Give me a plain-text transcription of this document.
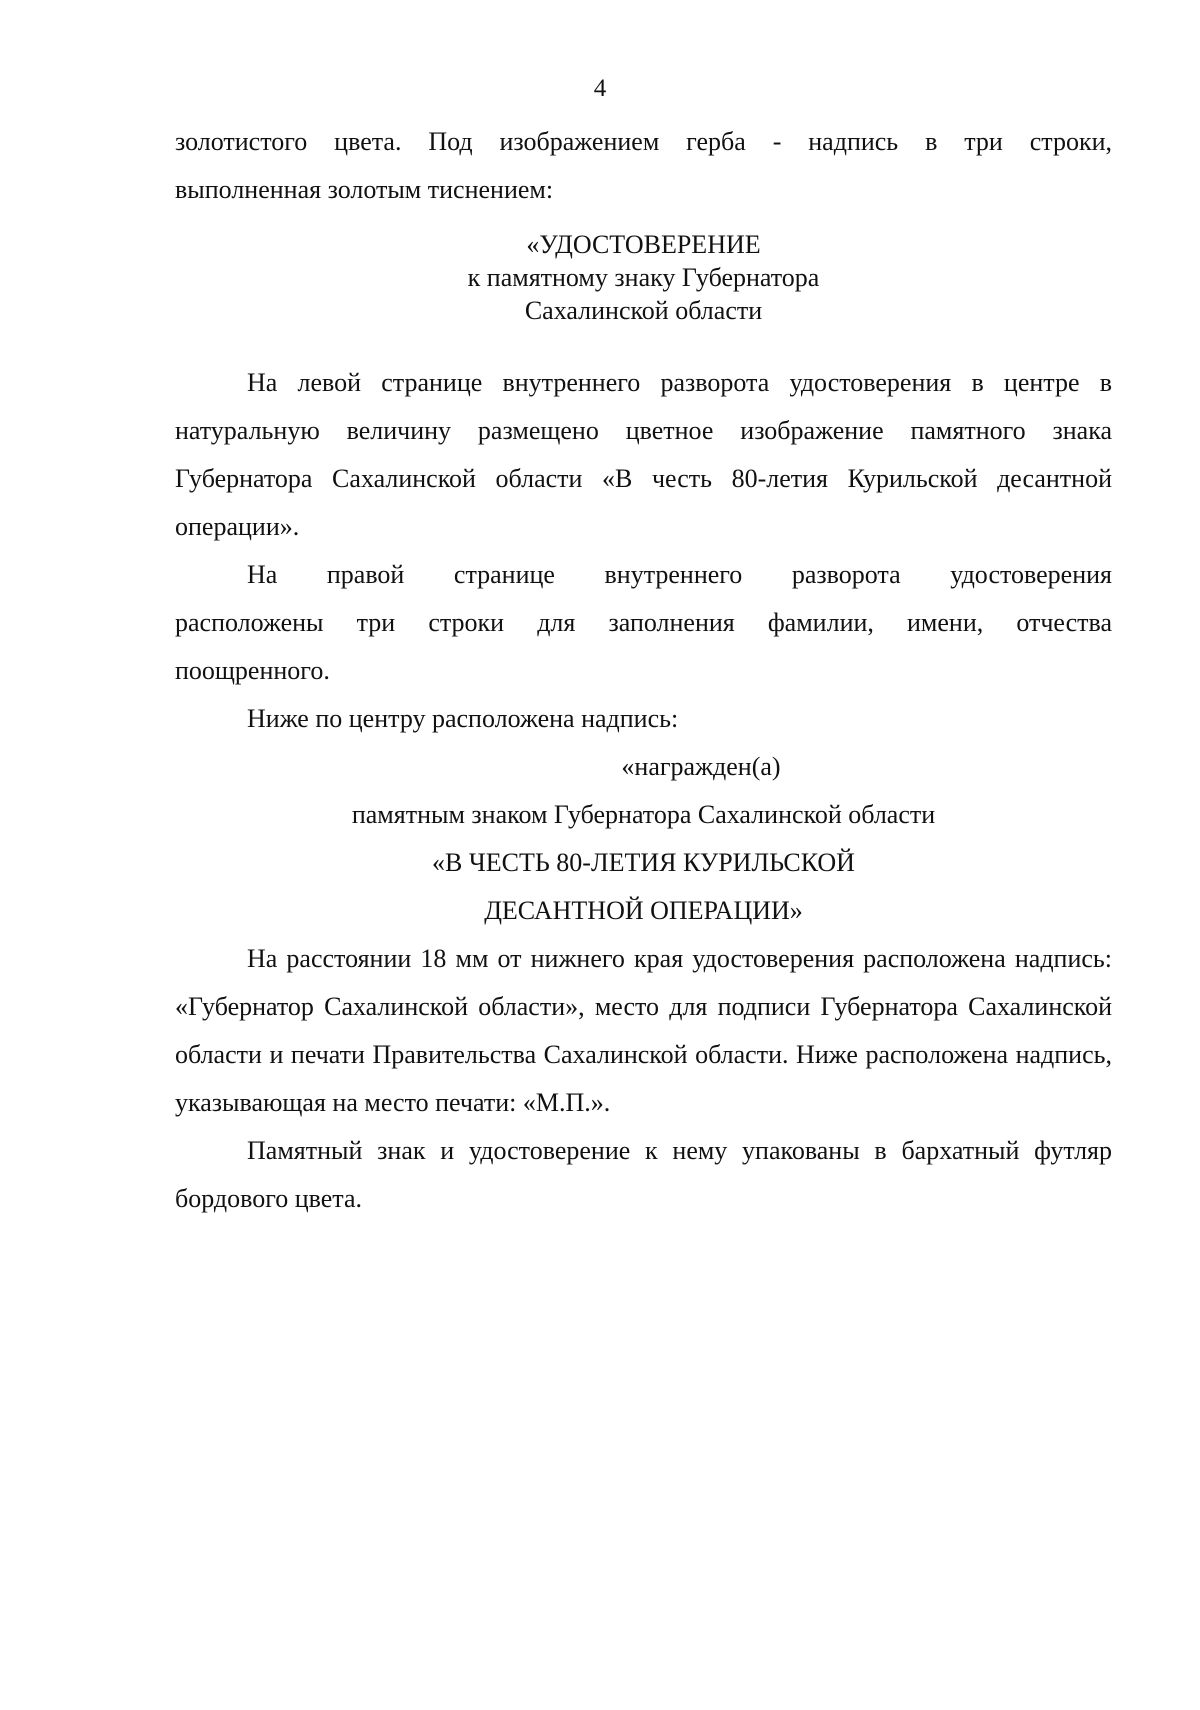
4

золотистого цвета. Под изображением герба - надпись в три строки,

выполненная золотым тиснением:

«УДОСТОВЕРЕНИЕ
к памятному знаку Губернатора
Сахалинской области

На левой странице внутреннего разворота удостоверения в центре в натуральную величину размещено цветное изображение памятного знака Губернатора Сахалинской области «В честь 80-летия Курильской десантной операции».

На правой странице внутреннего разворота удостоверения

расположены три строки для заполнения фамилии, имени, отчества

поощренного.

Ниже по центру расположена надпись:

«награжден(а)

памятным знаком Губернатора Сахалинской области

«В ЧЕСТЬ 80-ЛЕТИЯ КУРИЛЬСКОЙ

ДЕСАНТНОЙ ОПЕРАЦИИ»

На расстоянии 18 мм от нижнего края удостоверения расположена надпись: «Губернатор Сахалинской области», место для подписи Губернатора Сахалинской области и печати Правительства Сахалинской области. Ниже расположена надпись, указывающая на место печати: «М.П.».

Памятный знак и удостоверение к нему упакованы в бархатный футляр бордового цвета.
